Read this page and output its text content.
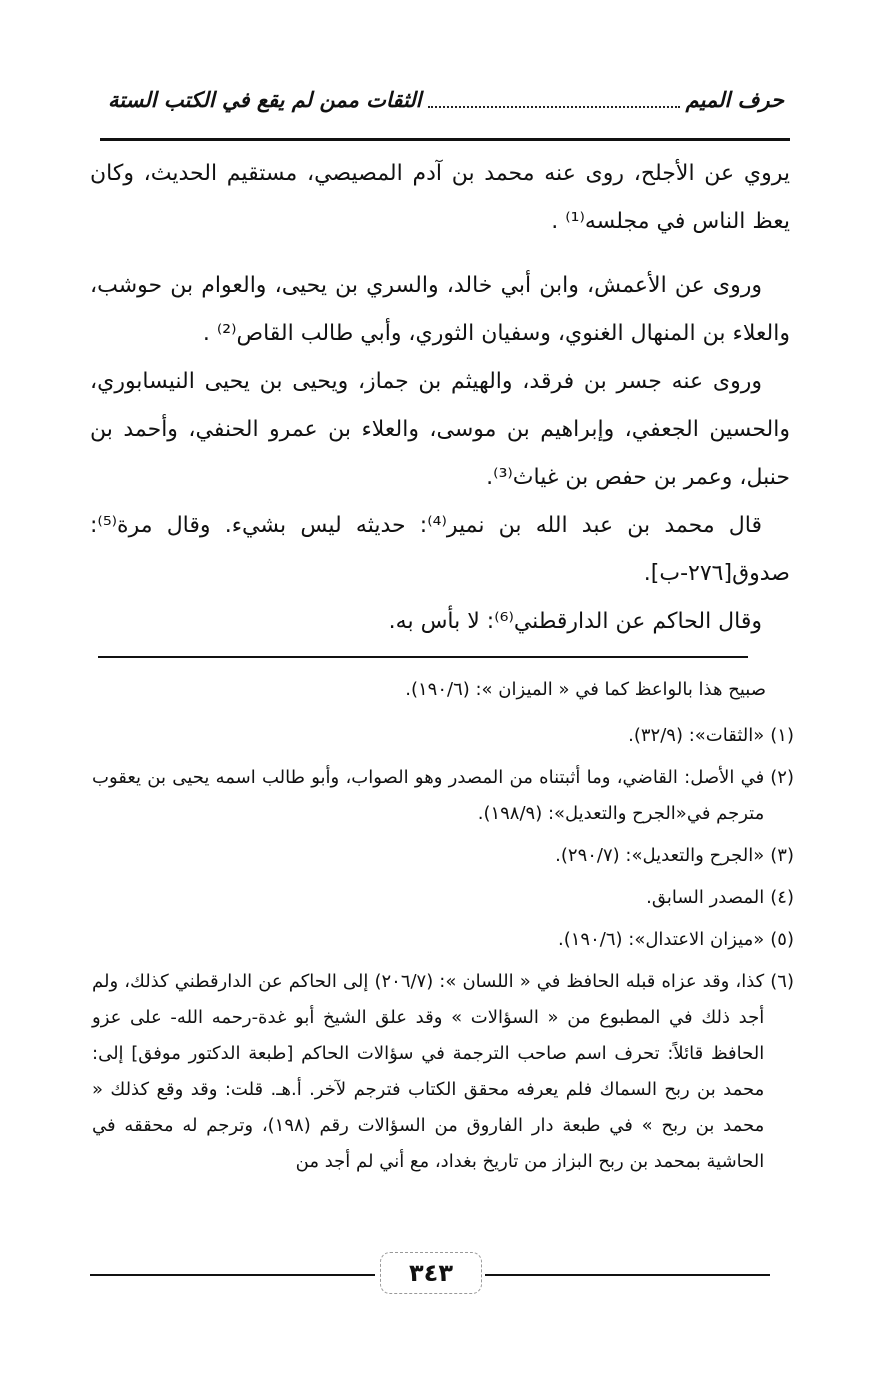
حرف الميم
الثقات ممن لم يقع في الكتب الستة

يروي عن الأجلح، روى عنه محمد بن آدم المصيصي، مستقيم الحديث، وكان يعظ الناس في مجلسه⁽¹⁾ .

وروى عن الأعمش، وابن أبي خالد، والسري بن يحيى، والعوام بن حوشب، والعلاء بن المنهال الغنوي، وسفيان الثوري، وأبي طالب القاص⁽²⁾ .

وروى عنه جسر بن فرقد، والهيثم بن جماز، ويحيى بن يحيى النيسابوري، والحسين الجعفي، وإبراهيم بن موسى، والعلاء بن عمرو الحنفي، وأحمد بن حنبل، وعمر بن حفص بن غياث⁽³⁾.

قال محمد بن عبد الله بن نمير⁽⁴⁾: حديثه ليس بشيء. وقال مرة⁽⁵⁾: صدوق[٢٧٦-ب].

وقال الحاكم عن الدارقطني⁽⁶⁾: لا بأس به.

صبيح هذا بالواعظ كما في « الميزان »: (١٩٠/٦).

(١)
«الثقات»: (٣٢/٩).
(٢)
في الأصل: القاضي، وما أثبتناه من المصدر وهو الصواب، وأبو طالب اسمه يحيى بن يعقوب مترجم في«الجرح والتعديل»: (١٩٨/٩).
(٣)
«الجرح والتعديل»: (٢٩٠/٧).
(٤)
المصدر السابق.
(٥)
«ميزان الاعتدال»: (١٩٠/٦).
(٦)
كذا، وقد عزاه قبله الحافظ في « اللسان »: (٢٠٦/٧) إلى الحاكم عن الدارقطني كذلك، ولم أجد ذلك في المطبوع من « السؤالات » وقد علق الشيخ أبو غدة-رحمه الله- على عزو الحافظ قائلاً: تحرف اسم صاحب الترجمة في سؤالات الحاكم [طبعة الدكتور موفق] إلى: محمد بن ربح السماك فلم يعرفه محقق الكتاب فترجم لآخر. أ.هـ. قلت: وقد وقع كذلك « محمد بن ربح » في طبعة دار الفاروق من السؤالات رقم (١٩٨)، وترجم له محققه في الحاشية بمحمد بن ربح البزاز من تاريخ بغداد، مع أني لم أجد من
٣٤٣
